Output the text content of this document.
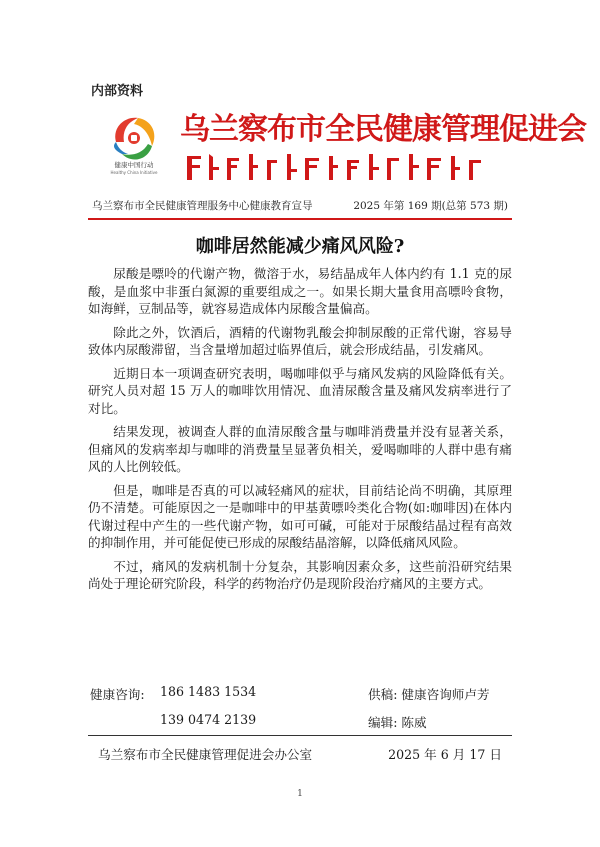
内部资料
健康中国行动
Healthy China Initiative
乌兰察布市全民健康管理促进会
乌兰察布市全民健康管理服务中心健康教育宣导	2025 年第 169 期(总第 573 期)
咖啡居然能减少痛风风险?

尿酸是嘌呤的代谢产物，微溶于水，易结晶成年人体内约有 1.1 克的尿酸，是血浆中非蛋白氮源的重要组成之一。如果长期大量食用高嘌呤食物，如海鲜，豆制品等，就容易造成体内尿酸含量偏高。

除此之外，饮酒后，酒精的代谢物乳酸会抑制尿酸的正常代谢，容易导致体内尿酸滞留，当含量增加超过临界值后，就会形成结晶，引发痛风。

近期日本一项调查研究表明，喝咖啡似乎与痛风发病的风险降低有关。研究人员对超 15 万人的咖啡饮用情况、血清尿酸含量及痛风发病率进行了对比。

结果发现，被调查人群的血清尿酸含量与咖啡消费量并没有显著关系，但痛风的发病率却与咖啡的消费量呈显著负相关，爱喝咖啡的人群中患有痛风的人比例较低。

但是，咖啡是否真的可以减轻痛风的症状，目前结论尚不明确，其原理仍不清楚。可能原因之一是咖啡中的甲基黄嘌呤类化合物(如:咖啡因)在体内代谢过程中产生的一些代谢产物，如可可碱，可能对于尿酸结晶过程有高效的抑制作用，并可能促使已形成的尿酸结晶溶解，以降低痛风风险。

不过，痛风的发病机制十分复杂，其影响因素众多，这些前沿研究结果尚处于理论研究阶段，科学的药物治疗仍是现阶段治疗痛风的主要方式。

健康咨询: 186 1483 1534	供稿: 健康咨询师卢芳
139 0474 2139	编辑: 陈威
乌兰察布市全民健康管理促进会办公室	2025 年 6 月 17 日
1
